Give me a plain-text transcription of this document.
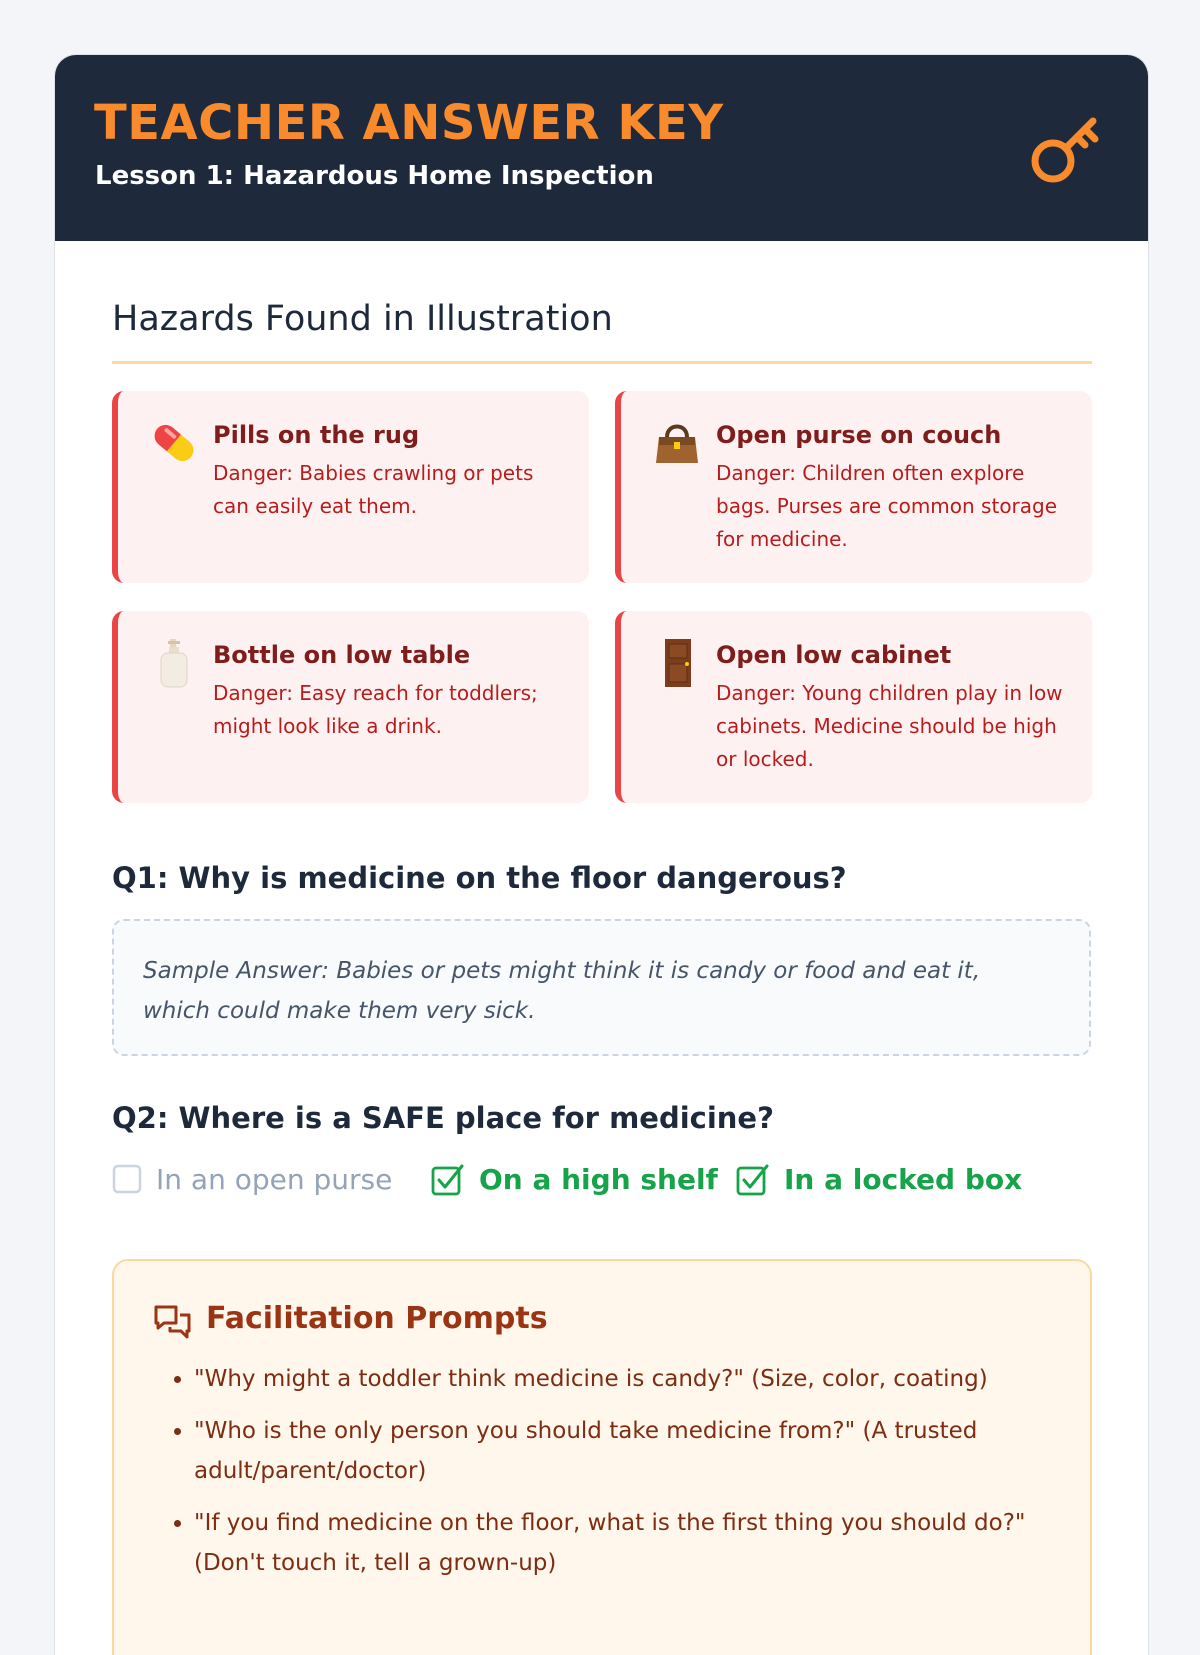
TEACHER ANSWER KEY
Lesson 1: Hazardous Home Inspection
Hazards Found in Illustration
Pills on the rug
Danger: Babies crawling or pets can easily eat them.
Open purse on couch
Danger: Children often explore bags. Purses are common storage for medicine.
Bottle on low table
Danger: Easy reach for toddlers; might look like a drink.
Open low cabinet
Danger: Young children play in low cabinets. Medicine should be high or locked.
Q1: Why is medicine on the floor dangerous?
Sample Answer: Babies or pets might think it is candy or food and eat it, which could make them very sick.
Q2: Where is a SAFE place for medicine?
In an open purse	On a high shelf In a locked box
Facilitation Prompts
• "Why might a toddler think medicine is candy?" (Size, color, coating)
• "Who is the only person you should take medicine from?" (A trusted adult/parent/doctor)
• "If you find medicine on the floor, what is the first thing you should do?" (Don't touch it, tell a grown-up)
